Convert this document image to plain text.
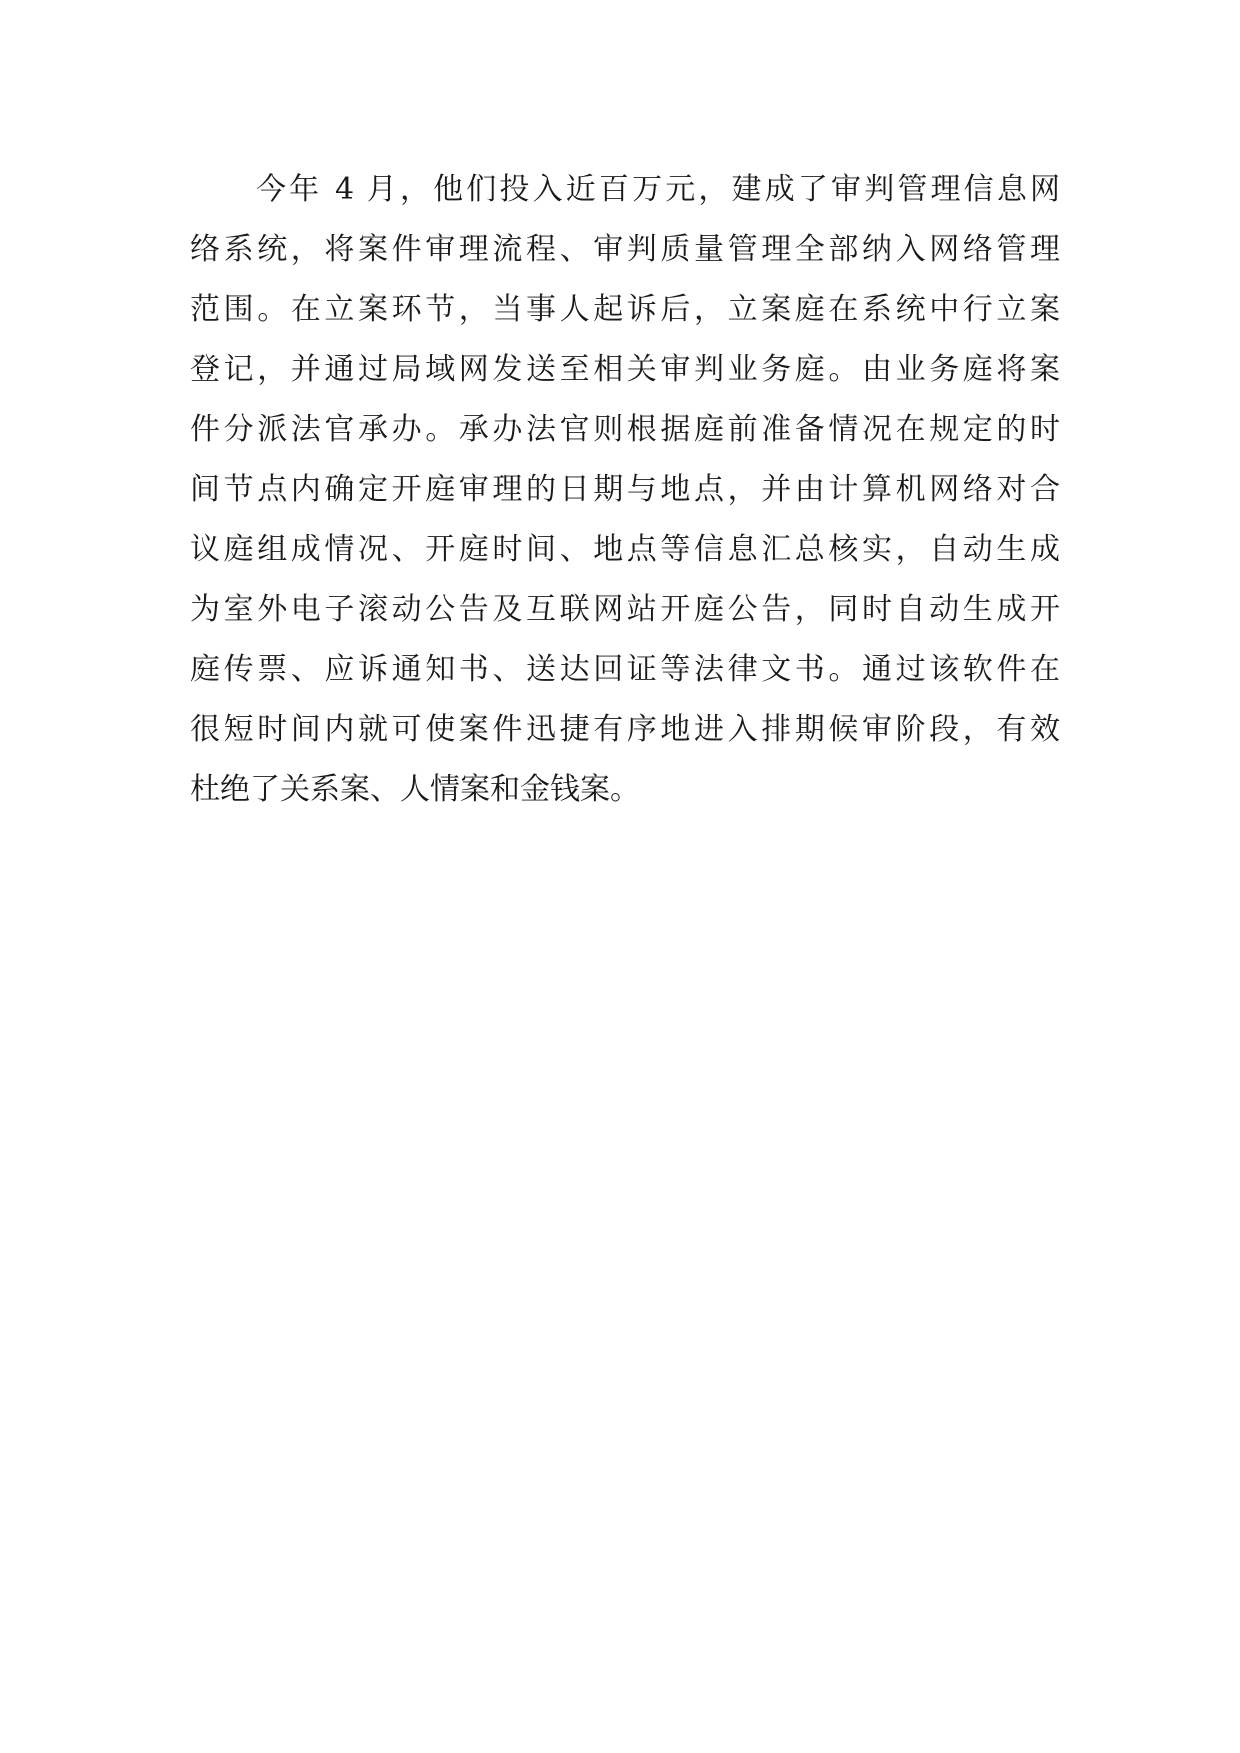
今年 4 月，他们投入近百万元，建成了审判管理信息网
络系统，将案件审理流程、审判质量管理全部纳入网络管理
范围。在立案环节，当事人起诉后，立案庭在系统中行立案
登记，并通过局域网发送至相关审判业务庭。由业务庭将案
件分派法官承办。承办法官则根据庭前准备情况在规定的时
间节点内确定开庭审理的日期与地点，并由计算机网络对合
议庭组成情况、开庭时间、地点等信息汇总核实，自动生成
为室外电子滚动公告及互联网站开庭公告，同时自动生成开
庭传票、应诉通知书、送达回证等法律文书。通过该软件在
很短时间内就可使案件迅捷有序地进入排期候审阶段，有效
杜绝了关系案、人情案和金钱案。
